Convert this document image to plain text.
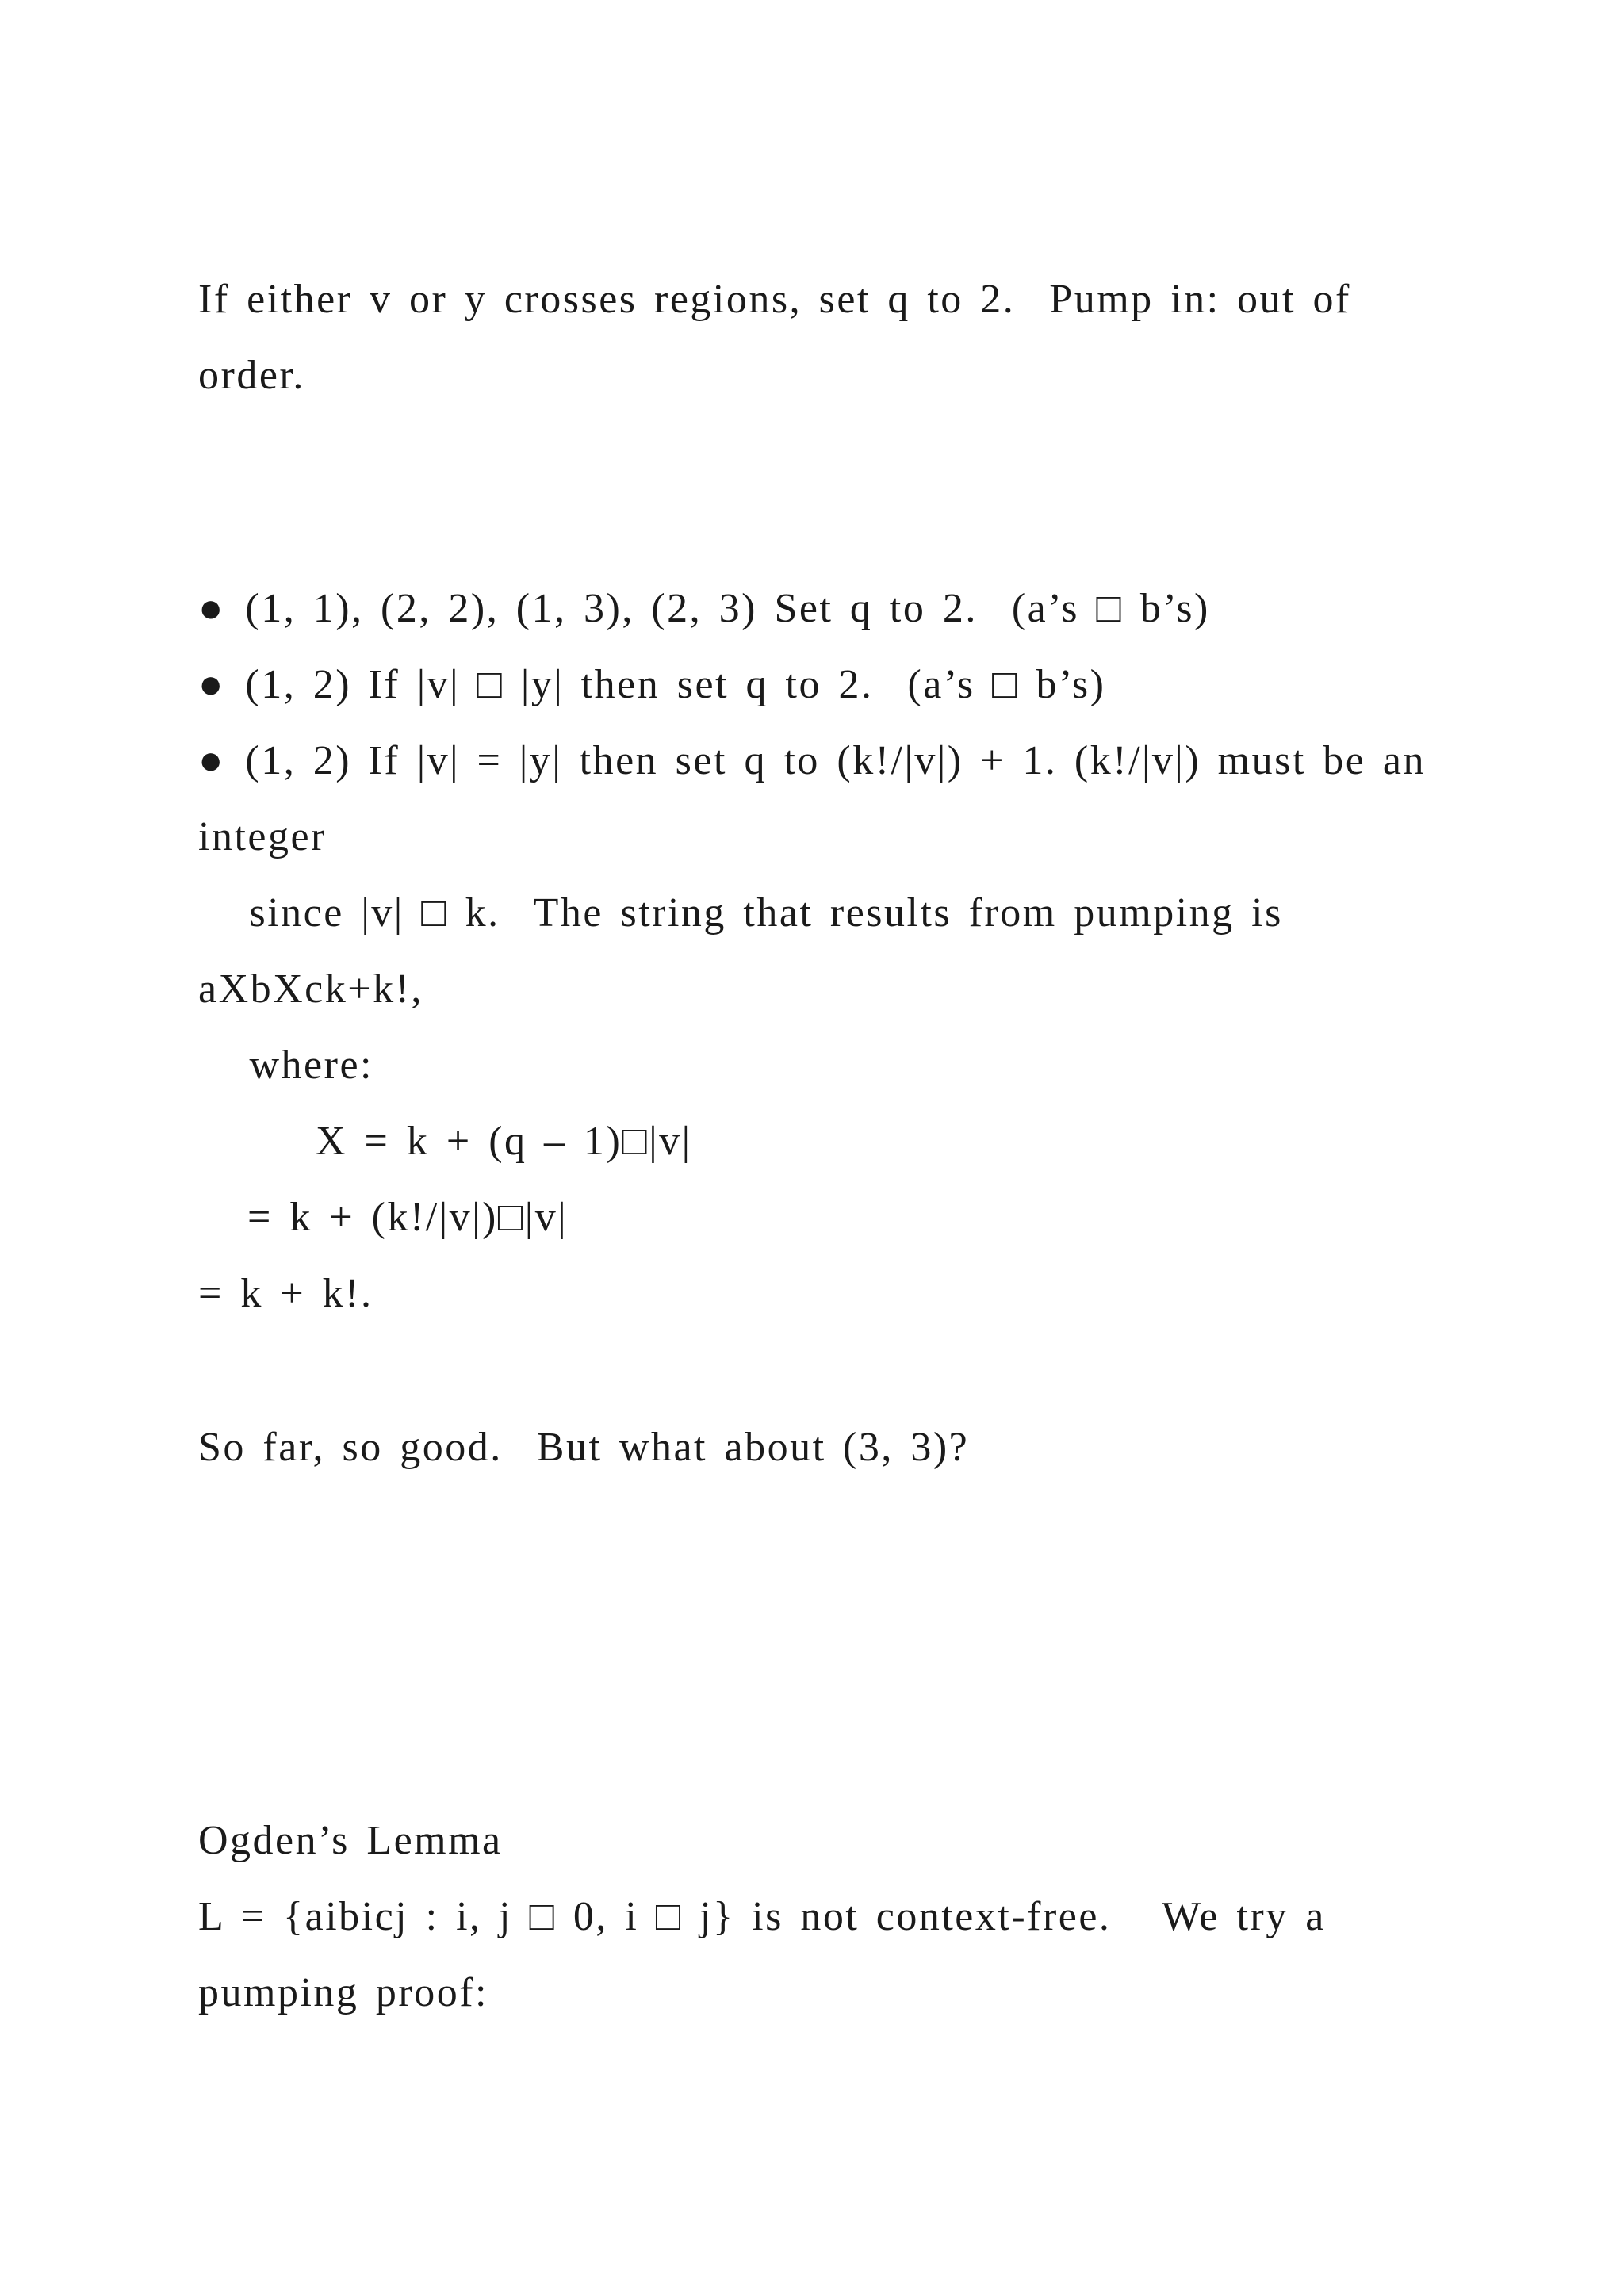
If either v or y crosses regions, set q to 2.  Pump in: out of
order.
● (1, 1), (2, 2), (1, 3), (2, 3) Set q to 2.  (a’s □ b’s)
● (1, 2) If |v| □ |y| then set q to 2.  (a’s □ b’s)
● (1, 2) If |v| = |y| then set q to (k!/|v|) + 1. (k!/|v|) must be an
integer
since |v| □ k.  The string that results from pumping is
aXbXck+k!,
where:
X = k + (q – 1)□|v|
= k + (k!/|v|)□|v|
= k + k!.
So far, so good.  But what about (3, 3)?
Ogden’s Lemma
L = {aibicj : i, j □ 0, i □ j} is not context-free.   We try a
pumping proof:
